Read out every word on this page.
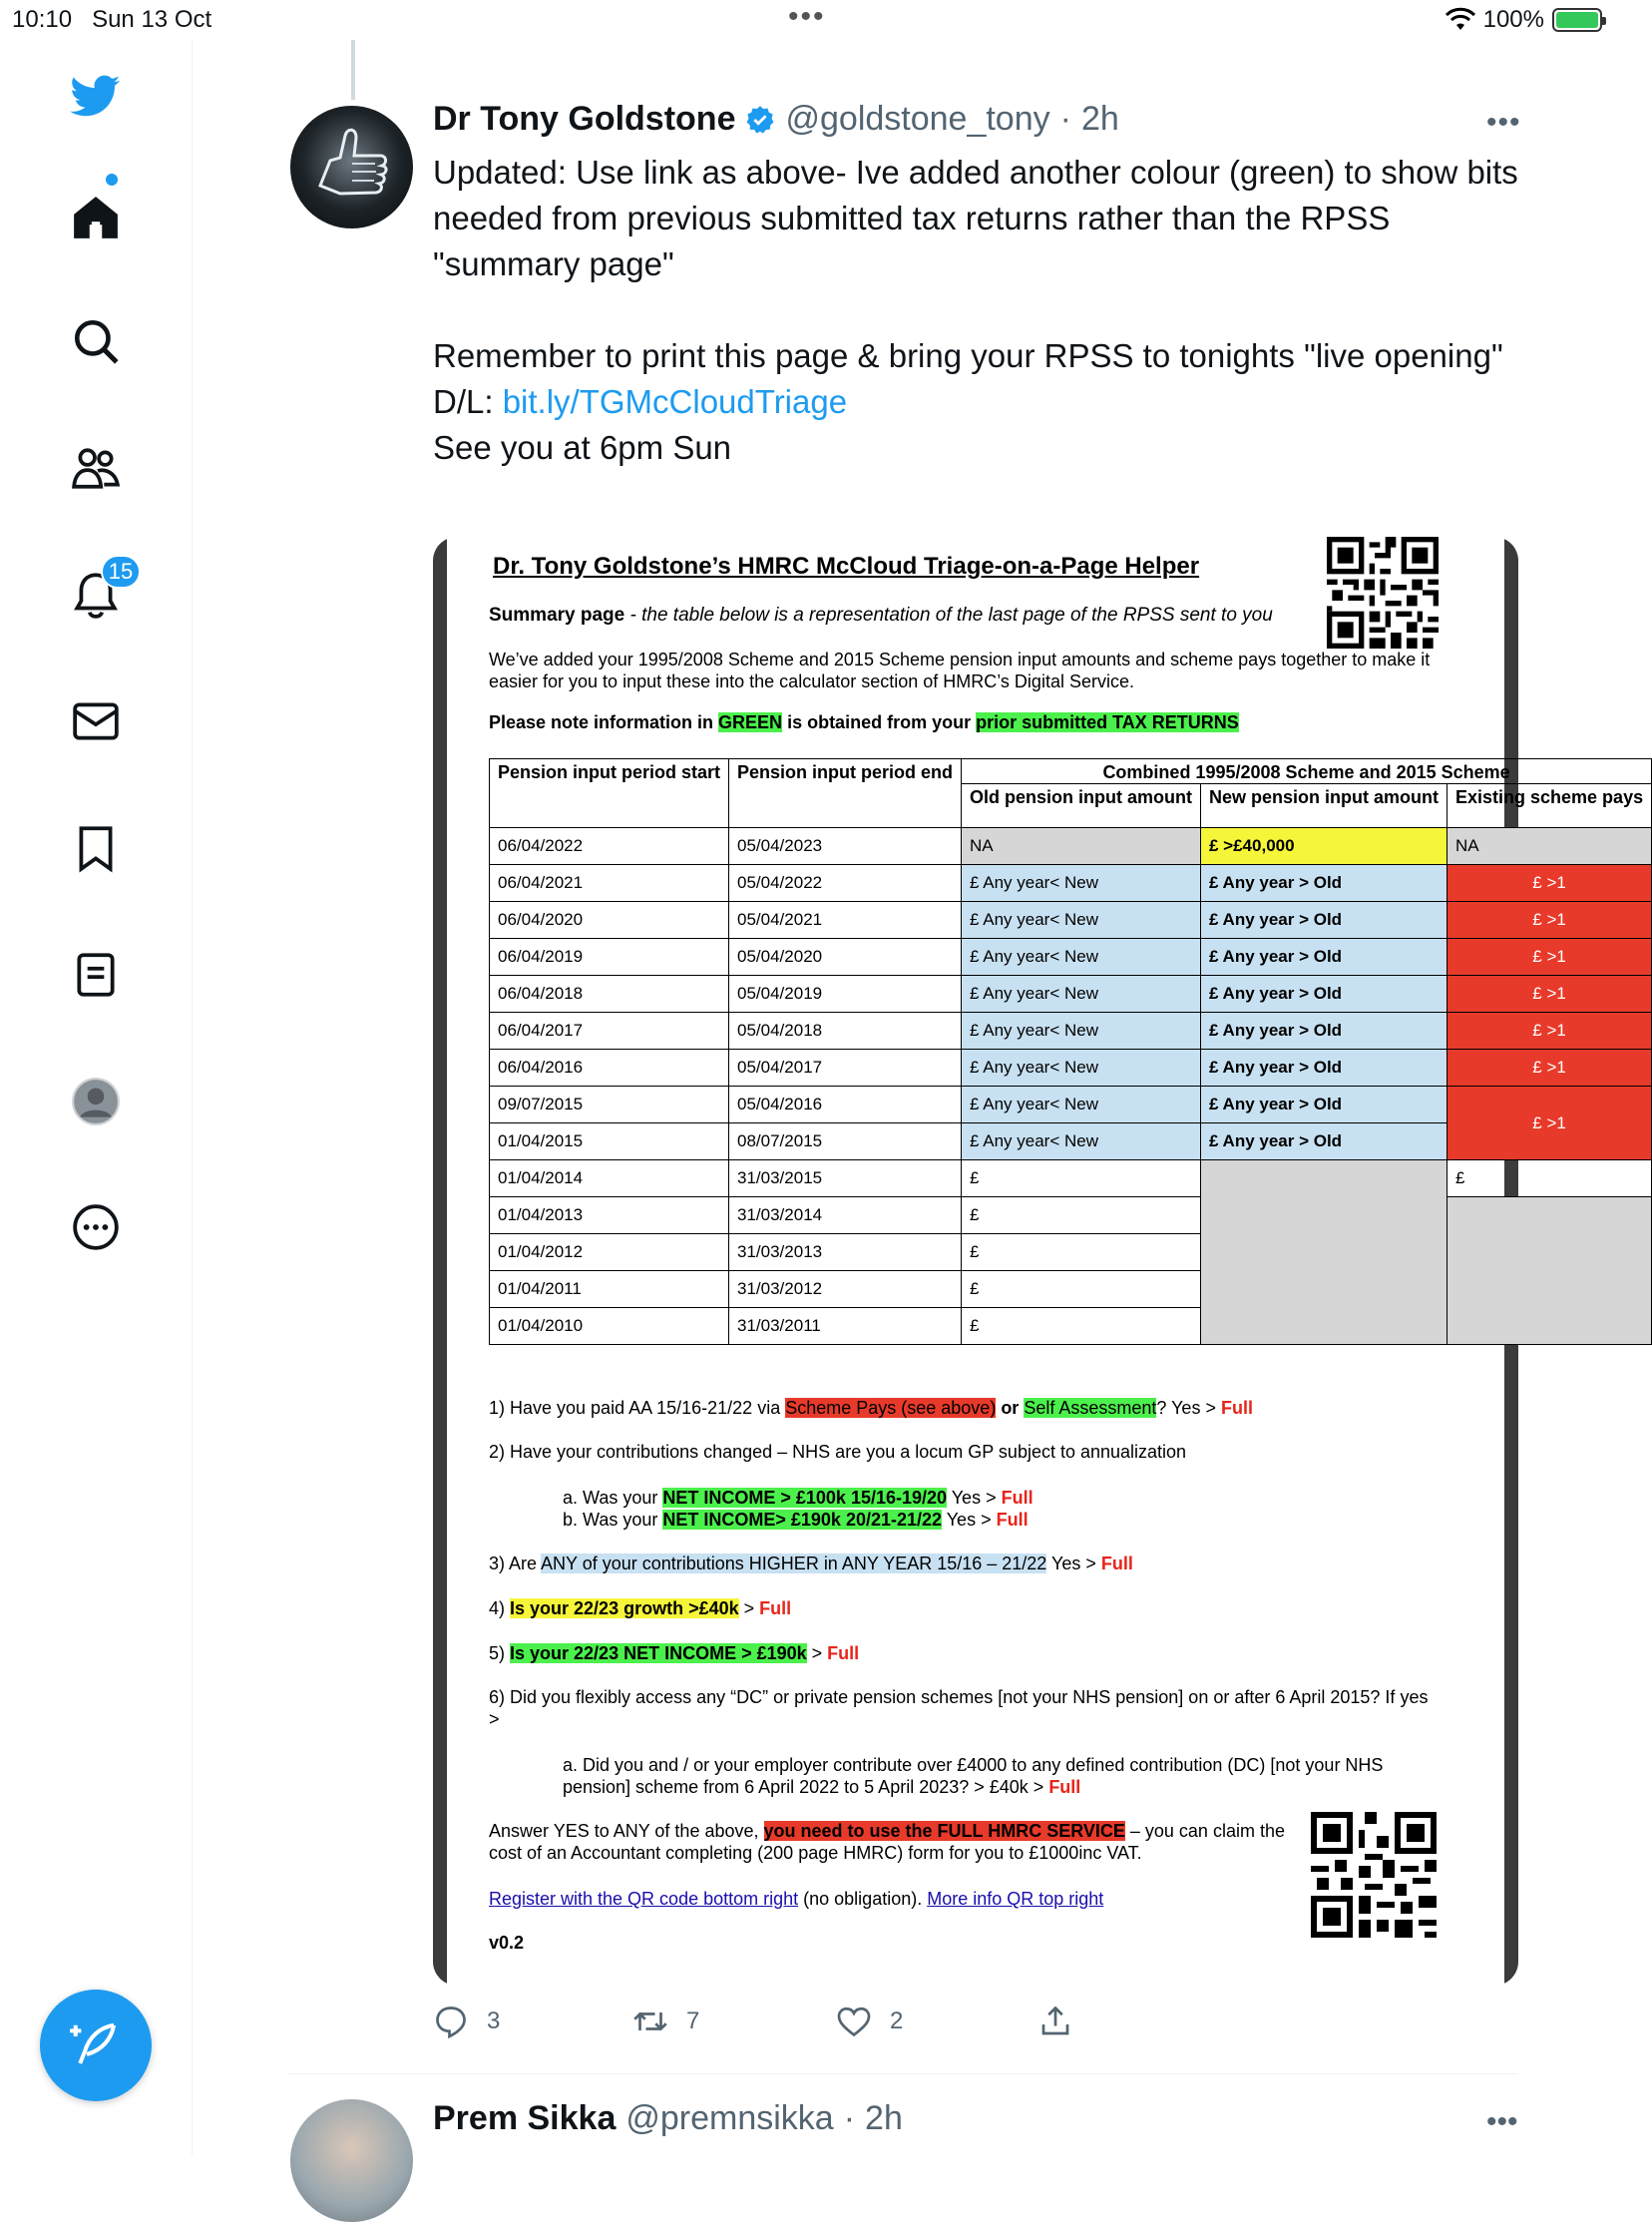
10:10 Sun 13 Oct	•••	100%
15
Dr Tony Goldstone @goldstone_tony · 2h	•••
Updated: Use link as above- Ive added another colour (green) to show bits needed from previous submitted tax returns rather than the RPSS "summary page"

Remember to print this page & bring your RPSS to tonights "live opening"
D/L: bit.ly/TGMcCloudTriage
See you at 6pm Sun
Dr. Tony Goldstone’s HMRC McCloud Triage-on-a-Page Helper
Summary page - the table below is a representation of the last page of the RPSS sent to you
We’ve added your 1995/2008 Scheme and 2015 Scheme pension input amounts and scheme pays together to make it easier for you to input these into the calculator section of HMRC’s Digital Service.
Please note information in GREEN is obtained from your prior submitted TAX RETURNS
Pension input period start	Pension input period end	Combined 1995/2008 Scheme and 2015 Scheme		
		Old pension input amount	New pension input amount	Existing scheme pays
06/04/2022	05/04/2023	NA	£ >£40,000	NA
06/04/2021	05/04/2022	£ Any year< New	£ Any year > Old	£ >1
06/04/2020	05/04/2021	£ Any year< New	£ Any year > Old	£ >1
06/04/2019	05/04/2020	£ Any year< New	£ Any year > Old	£ >1
06/04/2018	05/04/2019	£ Any year< New	£ Any year > Old	£ >1
06/04/2017	05/04/2018	£ Any year< New	£ Any year > Old	£ >1
06/04/2016	05/04/2017	£ Any year< New	£ Any year > Old	£ >1
09/07/2015	05/04/2016	£ Any year< New	£ Any year > Old	£ >1
01/04/2015	08/07/2015	£ Any year< New	£ Any year > Old	
01/04/2014	31/03/2015	£		£
01/04/2013	31/03/2014	£		
01/04/2012	31/03/2013	£		
01/04/2011	31/03/2012	£		
01/04/2010	31/03/2011	£		
1) Have you paid AA 15/16-21/22 via Scheme Pays (see above) or Self Assessment? Yes > Full
2) Have your contributions changed – NHS are you a locum GP subject to annualization
a. Was your NET INCOME > £100k 15/16-19/20 Yes > Full
b. Was your NET INCOME> £190k 20/21-21/22 Yes > Full
3) Are ANY of your contributions HIGHER in ANY YEAR 15/16 – 21/22 Yes > Full
4) Is your 22/23 growth >£40k > Full
5) Is your 22/23 NET INCOME > £190k > Full
6) Did you flexibly access any “DC” or private pension schemes [not your NHS pension] on or after 6 April 2015? If yes >
a. Did you and / or your employer contribute over £4000 to any defined contribution (DC) [not your NHS pension] scheme from 6 April 2022 to 5 April 2023? > £40k > Full
Answer YES to ANY of the above, you need to use the FULL HMRC SERVICE – you can claim the cost of an Accountant completing (200 page HMRC) form for you to £1000inc VAT.
Register with the QR code bottom right (no obligation). More info QR top right
v0.2
3	7	2
Prem Sikka @premnsikka · 2h	•••
